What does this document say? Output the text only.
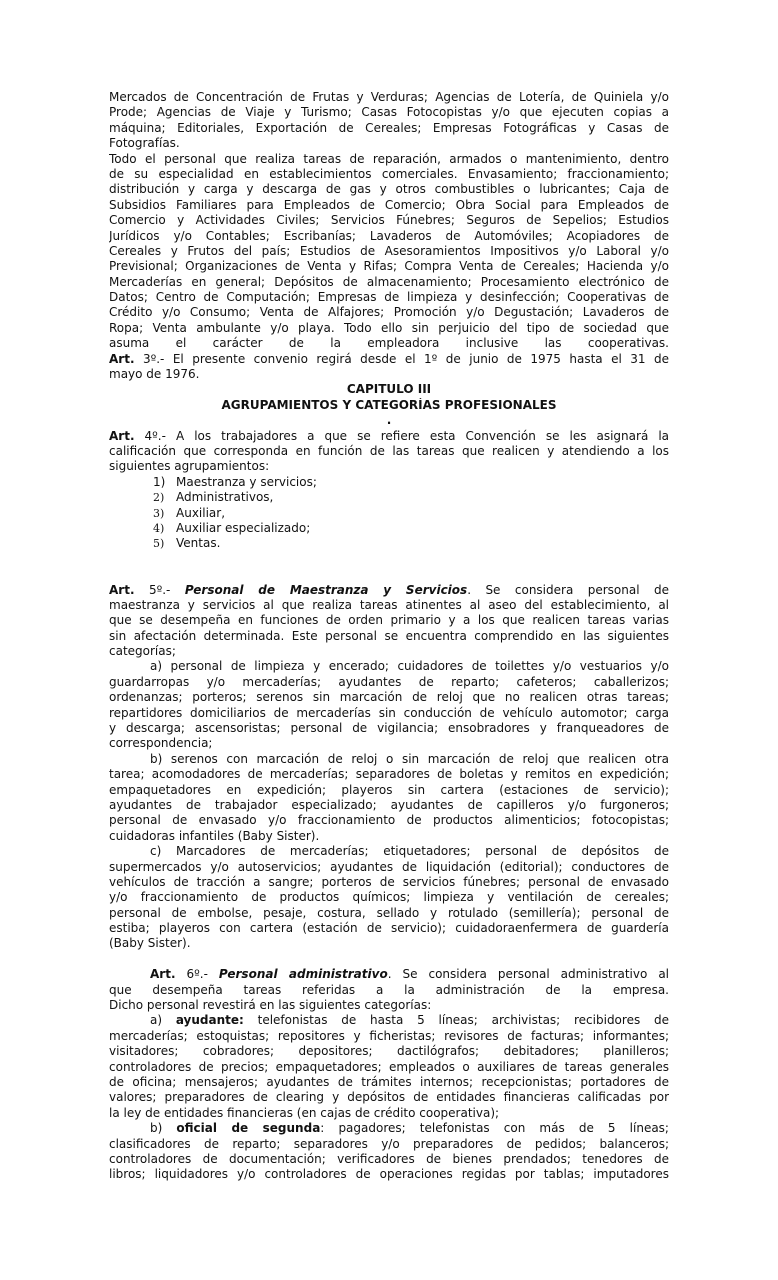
Mercados de Concentración de Frutas y Verduras; Agencias de Lotería, de Quiniela y/o
Prode; Agencias de Viaje y Turismo; Casas Fotocopistas y/o que ejecuten copias a
máquina; Editoriales, Exportación de Cereales; Empresas Fotográficas y Casas de
Fotografías.
Todo el personal que realiza tareas de reparación, armados o mantenimiento, dentro
de su especialidad en establecimientos comerciales. Envasamiento; fraccionamiento;
distribución y carga y descarga de gas y otros combustibles o lubricantes; Caja de
Subsidios Familiares para Empleados de Comercio; Obra Social para Empleados de
Comercio y Actividades Civiles; Servicios Fúnebres; Seguros de Sepelios; Estudios
Jurídicos y/o Contables; Escribanías; Lavaderos de Automóviles; Acopiadores de
Cereales y Frutos del país; Estudios de Asesoramientos Impositivos y/o Laboral y/o
Previsional; Organizaciones de Venta y Rifas; Compra Venta de Cereales; Hacienda y/o
Mercaderías en general; Depósitos de almacenamiento; Procesamiento electrónico de
Datos; Centro de Computación; Empresas de limpieza y desinfección; Cooperativas de
Crédito y/o Consumo; Venta de Alfajores; Promoción y/o Degustación; Lavaderos de
Ropa; Venta ambulante y/o playa. Todo ello sin perjuicio del tipo de sociedad que
asuma el carácter de la empleadora inclusive las cooperativas.
Art. 3º.- El presente convenio regirá desde el 1º de junio de 1975 hasta el 31 de
mayo de 1976.
CAPITULO III
AGRUPAMIENTOS Y CATEGORÍAS PROFESIONALES
.
Art. 4º.- A los trabajadores a que se refiere esta Convención se les asignará la
calificación que corresponda en función de las tareas que realicen y atendiendo a los
siguientes agrupamientos:
1) Maestranza y servicios;
2) Administrativos,
3) Auxiliar,
4) Auxiliar especializado;
5) Ventas.

Art. 5º.- Personal de Maestranza y Servicios. Se considera personal de
maestranza y servicios al que realiza tareas atinentes al aseo del establecimiento, al
que se desempeña en funciones de orden primario y a los que realicen tareas varias
sin afectación determinada. Este personal se encuentra comprendido en las siguientes
categorías;
a) personal de limpieza y encerado; cuidadores de toilettes y/o vestuarios y/o
guardarropas y/o mercaderías; ayudantes de reparto; cafeteros; caballerizos;
ordenanzas; porteros; serenos sin marcación de reloj que no realicen otras tareas;
repartidores domiciliarios de mercaderías sin conducción de vehículo automotor; carga
y descarga; ascensoristas; personal de vigilancia; ensobradores y franqueadores de
correspondencia;
b) serenos con marcación de reloj o sin marcación de reloj que realicen otra
tarea; acomodadores de mercaderías; separadores de boletas y remitos en expedición;
empaquetadores en expedición; playeros sin cartera (estaciones de servicio);
ayudantes de trabajador especializado; ayudantes de capilleros y/o furgoneros;
personal de envasado y/o fraccionamiento de productos alimenticios; fotocopistas;
cuidadoras infantiles (Baby Sister).
c) Marcadores de mercaderías; etiquetadores; personal de depósitos de
supermercados y/o autoservicios; ayudantes de liquidación (editorial); conductores de
vehículos de tracción a sangre; porteros de servicios fúnebres; personal de envasado
y/o fraccionamiento de productos químicos; limpieza y ventilación de cereales;
personal de embolse, pesaje, costura, sellado y rotulado (semillería); personal de
estiba; playeros con cartera (estación de servicio); cuidadoraenfermera de guardería
(Baby Sister).

Art. 6º.- Personal administrativo. Se considera personal administrativo al
que desempeña tareas referidas a la administración de la empresa.
Dicho personal revestirá en las siguientes categorías:
a) ayudante: telefonistas de hasta 5 líneas; archivistas; recibidores de
mercaderías; estoquistas; repositores y ficheristas; revisores de facturas; informantes;
visitadores; cobradores; depositores; dactilógrafos; debitadores; planilleros;
controladores de precios; empaquetadores; empleados o auxiliares de tareas generales
de oficina; mensajeros; ayudantes de trámites internos; recepcionistas; portadores de
valores; preparadores de clearing y depósitos de entidades financieras calificadas por
la ley de entidades financieras (en cajas de crédito cooperativa);
b) oficial de segunda: pagadores; telefonistas con más de 5 líneas;
clasificadores de reparto; separadores y/o preparadores de pedidos; balanceros;
controladores de documentación; verificadores de bienes prendados; tenedores de
libros; liquidadores y/o controladores de operaciones regidas por tablas; imputadores
